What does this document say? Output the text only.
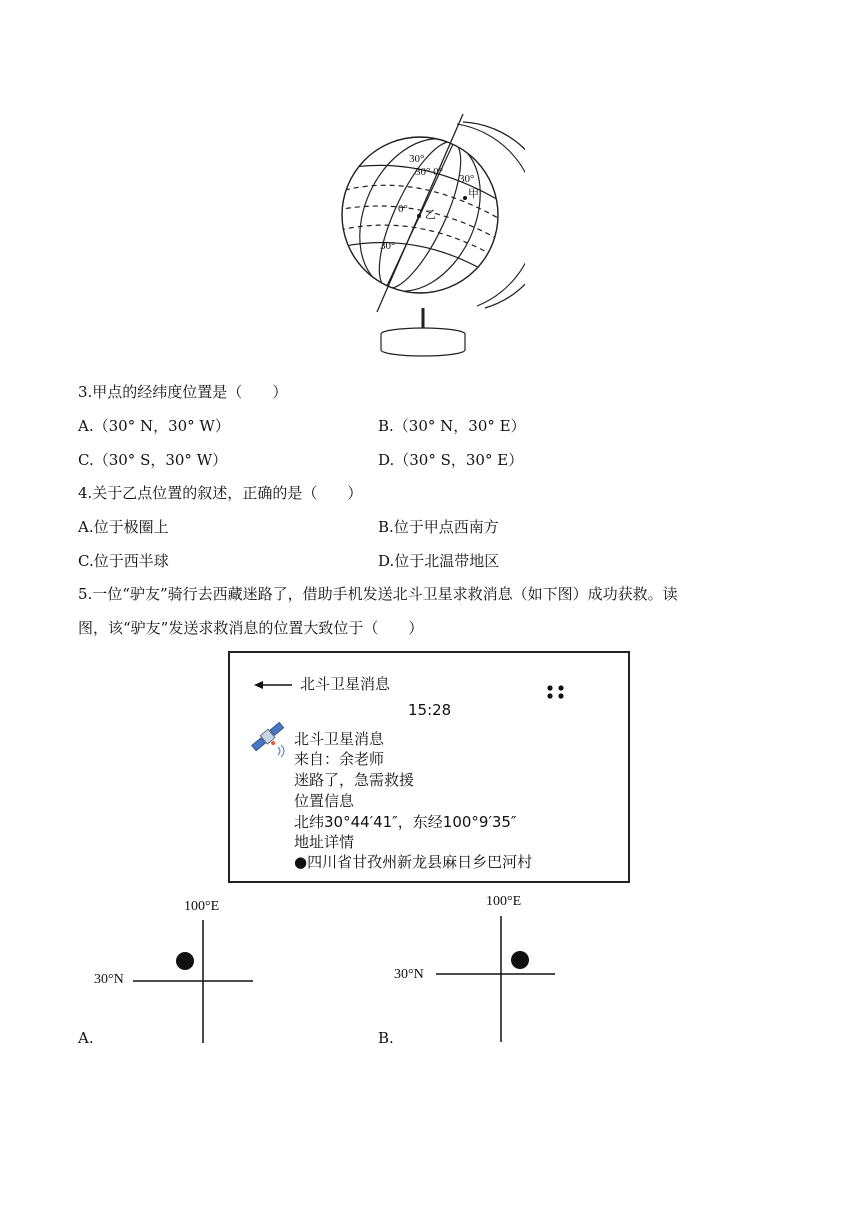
30°
30° 0°
30°
甲
0° 乙
30°
3.甲点的经纬度位置是（　　）
A.（30° N，30° W）	B.（30° N，30° E）
C.（30° S，30° W）	D.（30° S，30° E）
4.关于乙点位置的叙述，正确的是（　　）
A.位于极圈上	B.位于甲点西南方
C.位于西半球	D.位于北温带地区
5.一位“驴友”骑行去西藏迷路了，借助手机发送北斗卫星求救消息（如下图）成功获救。读
图，该“驴友”发送求救消息的位置大致位于（　　）
北斗卫星消息
15:28
北斗卫星消息
来自：余老师
迷路了，急需救援
位置信息
北纬30°44′41″，东经100°9′35″
地址详情
●四川省甘孜州新龙县麻日乡巴河村
100°E
30°N
A.
100°E
30°N
B.
